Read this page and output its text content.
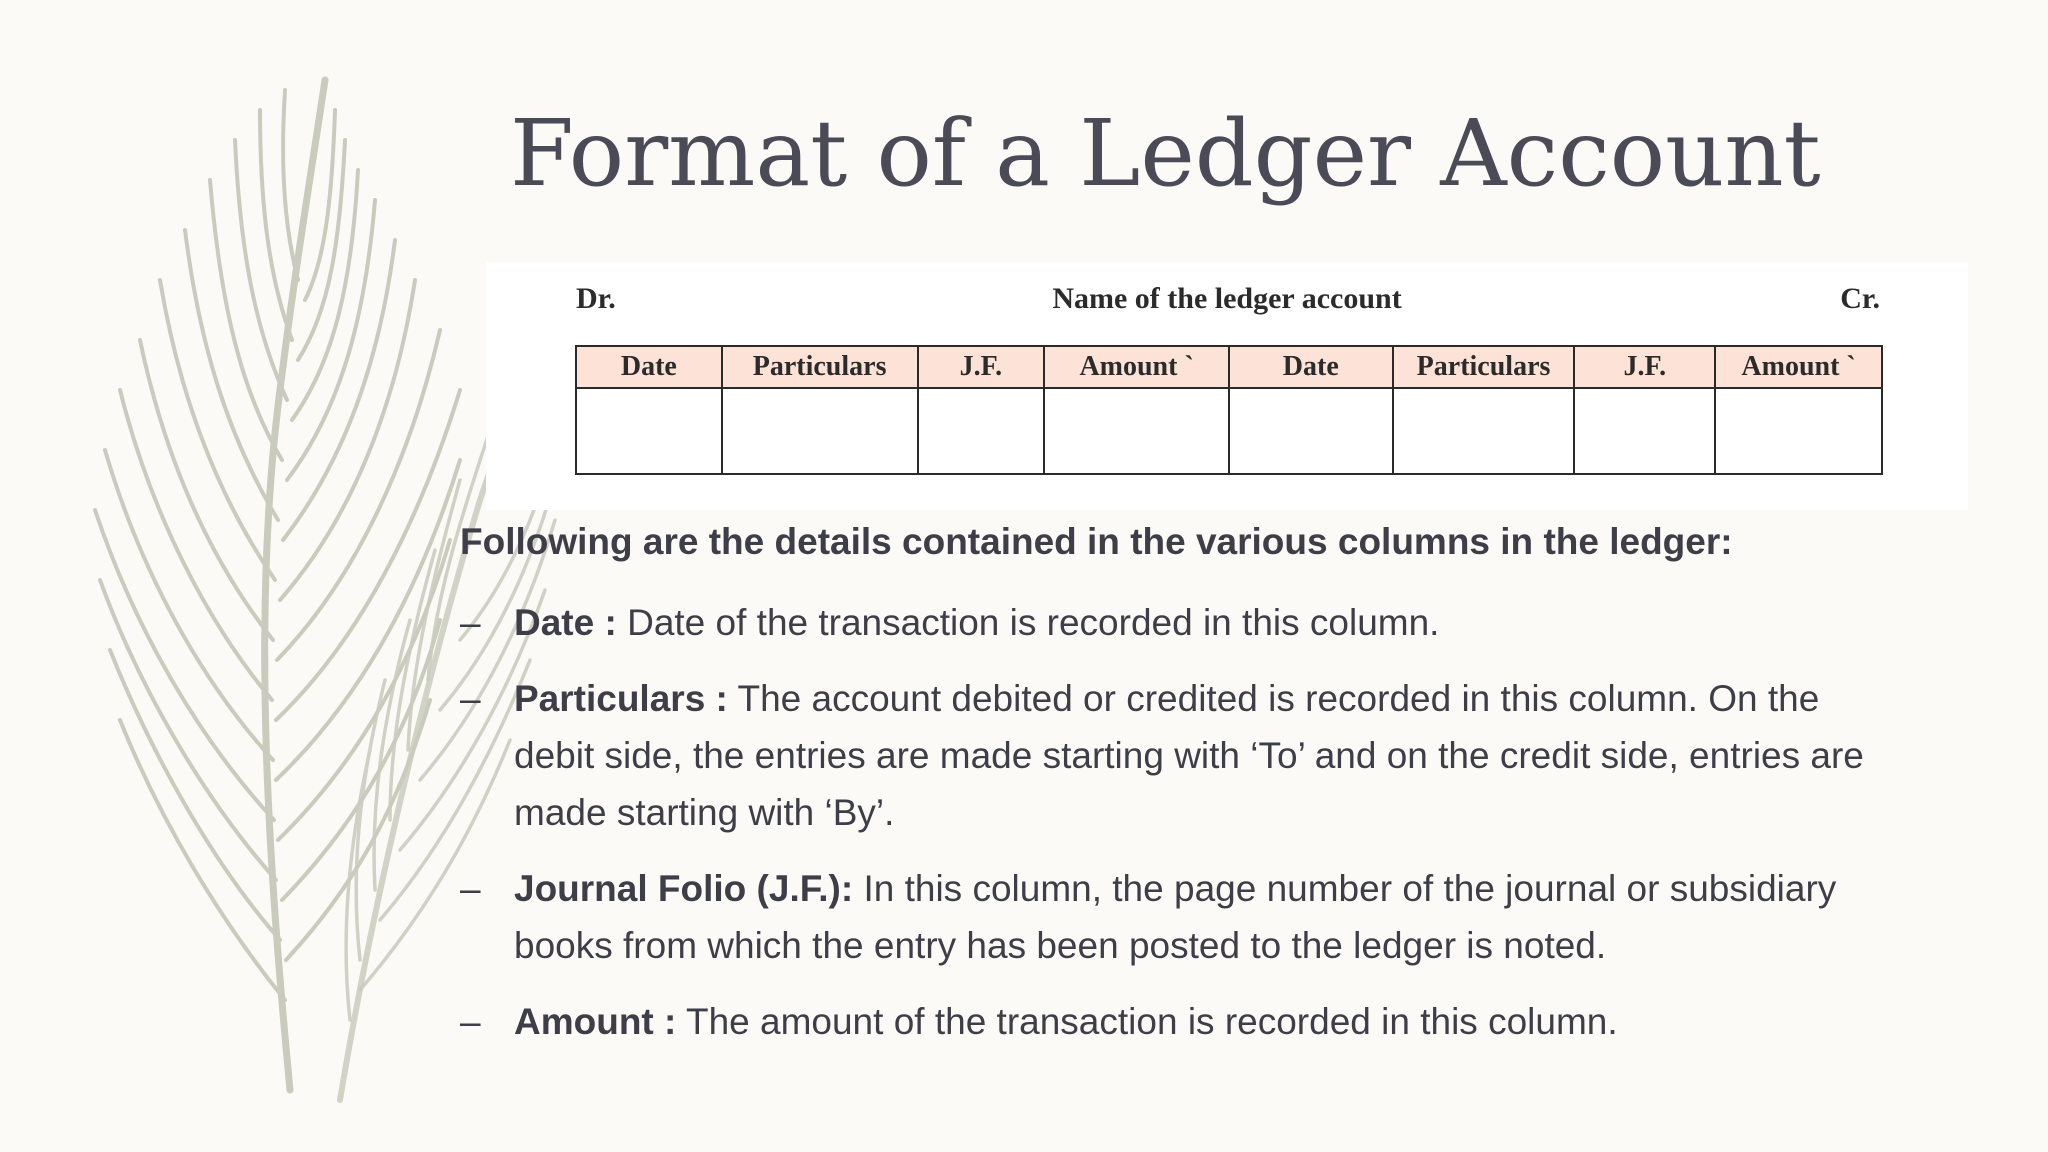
Format of a Ledger Account
Dr.	Name of the ledger account	Cr.
Date	Particulars	J.F.	Amount `	Date	Particulars	J.F.	Amount `

Following are the details contained in the various columns in the ledger:
– Date : Date of the transaction is recorded in this column.
– Particulars : The account debited or credited is recorded in this column. On the debit side, the entries are made starting with ‘To’ and on the credit side, entries are made starting with ‘By’.
– Journal Folio (J.F.): In this column, the page number of the journal or subsidiary books from which the entry has been posted to the ledger is noted.
– Amount : The amount of the transaction is recorded in this column.
